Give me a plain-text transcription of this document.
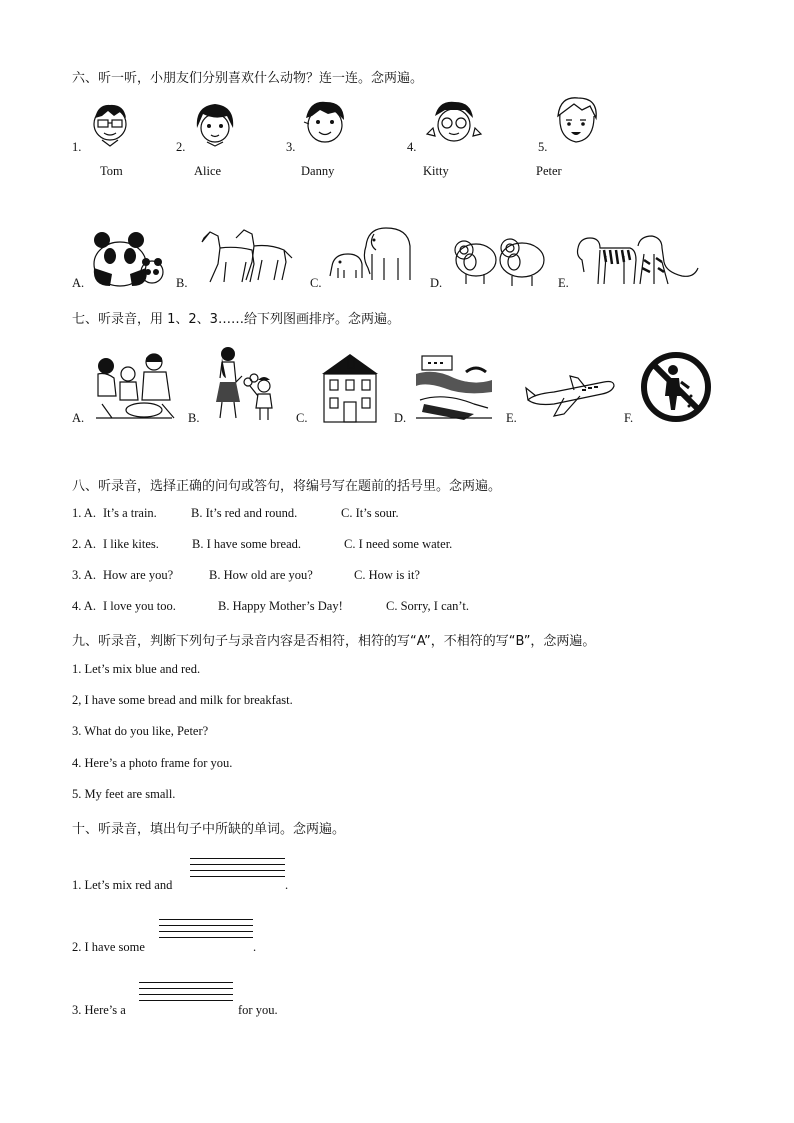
六、听一听，小朋友们分别喜欢什么动物？连一连。念两遍。
1.
Tom
2.
Alice
3.
Danny
4.
Kitty
5.
Peter
A.	B.	C.	D.	E.
七、听录音，用 1、2、3……给下列图画排序。念两遍。
A.	B.	C.	D.	E.	F.
八、听录音，选择正确的问句或答句，将编号写在题前的括号里。念两遍。
1. A. It’s a train.	B. It’s red and round.	C. It’s sour.
2. A. I like kites.	B. I have some bread.	C. I need some water.
3. A. How are you?	B. How old are you?	C. How is it?
4. A. I love you too.	B. Happy Mother’s Day!	C. Sorry, I can’t.
九、听录音，判断下列句子与录音内容是否相符，相符的写“A”，不相符的写“B”，念两遍。
1. Let’s mix blue and red.
2, I have some bread and milk for breakfast.
3. What do you like, Peter?
4. Here’s a photo frame for you.
5. My feet are small.
十、听录音，填出句子中所缺的单词。念两遍。
1. Let’s mix red and	.
2. I have some	.
3. Here’s a	for you.
